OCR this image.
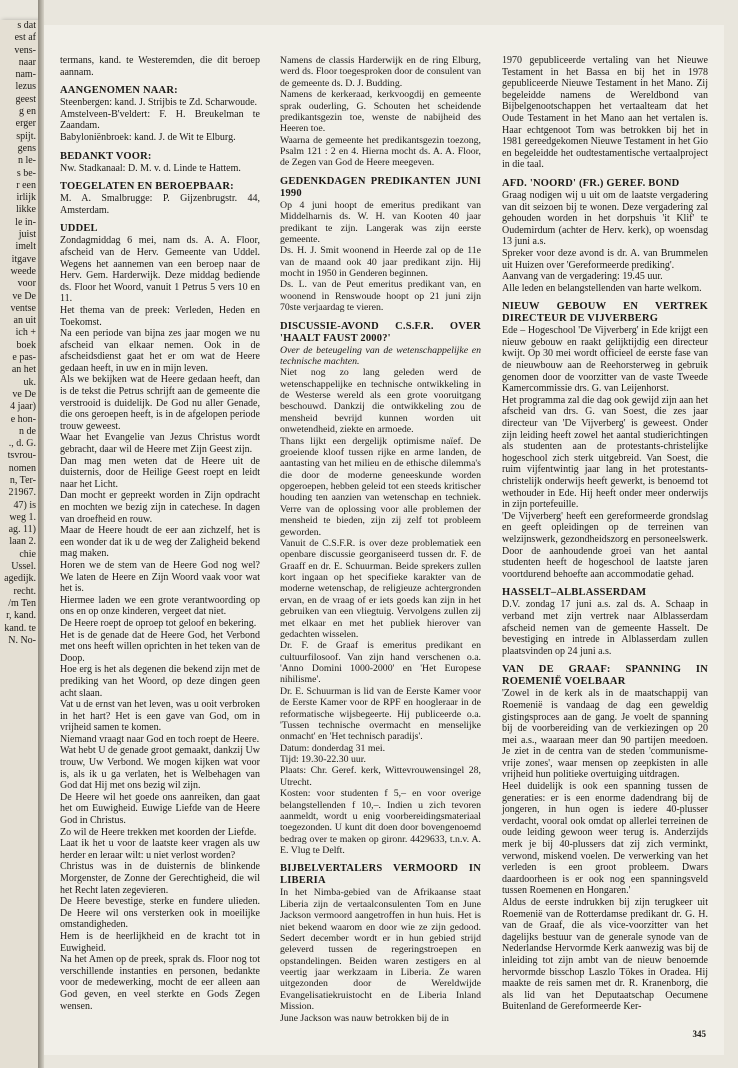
s dat
est af
vens-
naar
nam-
lezus
geest
g en
erger
spijt.
gens
n le-
s be-
r een
irlijk
likke
le in-
juist
imelt
itgave
weede
voor
ve De
ventse
an uit
ich +
boek
e pas-
an het
uk.
ve De
4 jaar)
e hon-
n de
., d. G.
tsvrou-
nomen
n, Ter-
21967.
47) is
weg 1.
ag. 11)
laan 2.
chie
Ussel.
agedijk.
recht.
/m Ten
r, kand.
kand. te
N. No-

termans, kand. te Westeremden, die dit beroep aannam.

AANGENOMEN NAAR:

Steenbergen: kand. J. Strijbis te Zd. Scharwoude.

Amstelveen-B'veldert: F. H. Breukelman te Zaandam.

Babyloniënbroek: kand. J. de Wit te Elburg.

BEDANKT VOOR:

Nw. Stadkanaal: D. M. v. d. Linde te Hattem.

TOEGELATEN EN BEROEPBAAR:

M. A. Smalbrugge: P. Gijzenbrugstr. 44, Amsterdam.

UDDEL

Zondagmiddag 6 mei, nam ds. A. A. Floor, afscheid van de Herv. Gemeente van Uddel. Wegens het aannemen van een beroep naar de Herv. Gem. Harderwijk. Deze middag bediende ds. Floor het Woord, vanuit 1 Petrus 5 vers 10 en 11.

Het thema van de preek: Verleden, Heden en Toekomst.

Na een periode van bijna zes jaar mogen we nu afscheid van elkaar nemen. Ook in de afscheidsdienst gaat het er om wat de Heere gedaan heeft, in uw en in mijn leven.

Als we bekijken wat de Heere gedaan heeft, dan is de tekst die Petrus schrijft aan de gemeente die verstrooid is duidelijk. De God nu aller Genade, die ons geroepen heeft, is in de afgelopen periode trouw geweest.

Waar het Evangelie van Jezus Christus wordt gebracht, daar wil de Heere met Zijn Geest zijn.

Dan mag men weten dat de Heere uit de duisternis, door de Heilige Geest roept en leidt naar het Licht.

Dan mocht er gepreekt worden in Zijn opdracht en mochten we bezig zijn in catechese. In dagen van droefheid en rouw.

Maar de Heere houdt de eer aan zichzelf, het is een wonder dat ik u de weg der Zaligheid bekend mag maken.

Horen we de stem van de Heere God nog wel? We laten de Heere en Zijn Woord vaak voor wat het is.

Hiermee laden we een grote verantwoording op ons en op onze kinderen, vergeet dat niet.

De Heere roept de oproep tot geloof en bekering.

Het is de genade dat de Heere God, het Verbond met ons heeft willen oprichten in het teken van de Doop.

Hoe erg is het als degenen die bekend zijn met de prediking van het Woord, op deze dingen geen acht slaan.

Vat u de ernst van het leven, was u ooit verbroken in het hart? Het is een gave van God, om in vrijheid samen te komen.

Niemand vraagt naar God en toch roept de Heere.

Wat hebt U de genade groot gemaakt, dankzij Uw trouw, Uw Verbond. We mogen kijken wat voor is, als ik u ga verlaten, het is Welbehagen van God dat Hij met ons bezig wil zijn.

De Heere wil het goede ons aanreiken, dan gaat het om Euwigheid. Euwige Liefde van de Heere God in Christus.

Zo wil de Heere trekken met koorden der Liefde.

Laat ik het u voor de laatste keer vragen als uw herder en leraar wilt: u niet verlost worden?

Christus was in de duisternis de blinkende Morgenster, de Zonne der Gerechtigheid, die wil het Recht laten zegevieren.

De Heere bevestige, sterke en fundere ulieden. De Heere wil ons versterken ook in moeilijke omstandigheden.

Hem is de heerlijkheid en de kracht tot in Euwigheid.

Na het Amen op de preek, sprak ds. Floor nog tot verschillende instanties en personen, bedankte voor de medewerking, mocht de eer alleen aan God geven, en veel sterkte en Gods Zegen wensen.

Namens de classis Harderwijk en de ring Elburg, werd ds. Floor toegesproken door de consulent van de gemeente ds. D. J. Budding.

Namens de kerkeraad, kerkvoogdij en gemeente sprak ouderling, G. Schouten het scheidende predikantsgezin toe, wenste de nabijheid des Heeren toe.

Waarna de gemeente het predikantsgezin toezong, Psalm 121 : 2 en 4. Hierna mocht ds. A. A. Floor, de Zegen van God de Heere meegeven.

GEDENKDAGEN PREDIKANTEN JUNI 1990

Op 4 juni hoopt de emeritus predikant van Middelharnis ds. W. H. van Kooten 40 jaar predikant te zijn. Langerak was zijn eerste gemeente.

Ds. H. J. Smit woonend in Heerde zal op de 11e van de maand ook 40 jaar predikant zijn. Hij mocht in 1950 in Genderen beginnen.

Ds. L. van de Peut emeritus predikant van, en woonend in Renswoude hoopt op 21 juni zijn 70ste verjaardag te vieren.

DISCUSSIE-AVOND C.S.F.R. OVER 'HAALT FAUST 2000?'

Over de beteugeling van de wetenschappelijke en technische machten.

Niet nog zo lang geleden werd de wetenschappelijke en technische ontwikkeling in de Westerse wereld als een grote vooruitgang beschouwd. Dankzij die ontwikkeling zou de mensheid bevrijd kunnen worden uit onwetendheid, ziekte en armoede.

Thans lijkt een dergelijk optimisme naïef. De groeiende kloof tussen rijke en arme landen, de aantasting van het milieu en de ethische dilemma's die door de moderne geneeskunde worden opgeroepen, hebben geleid tot een steeds kritischer houding ten aanzien van wetenschap en techniek. Verre van de oplossing voor alle problemen der mensheid te bieden, zijn zij zelf tot probleem geworden.

Vanuit de C.S.F.R. is over deze problematiek een openbare discussie georganiseerd tussen dr. F. de Graaff en dr. E. Schuurman. Beide sprekers zullen kort ingaan op het specifieke karakter van de moderne wetenschap, de religieuze achtergronden ervan, en de vraag of er iets goeds kan zijn in het gebruiken van een vliegtuig. Vervolgens zullen zij met elkaar en met het publiek hierover van gedachten wisselen.

Dr. F. de Graaf is emeritus predikant en cultuurfilosoof. Van zijn hand verschenen o.a. 'Anno Domini 1000-2000' en 'Het Europese nihilisme'.

Dr. E. Schuurman is lid van de Eerste Kamer voor de Eerste Kamer voor de RPF en hoogleraar in de reformatische wijsbegeerte. Hij publiceerde o.a. 'Tussen technische overmacht en menselijke onmacht' en 'Het technisch paradijs'.

Datum: donderdag 31 mei.

Tijd: 19.30-22.30 uur.

Plaats: Chr. Geref. kerk, Wittevrouwensingel 28, Utrecht.

Kosten: voor studenten f 5,– en voor overige belangstellenden f 10,–. Indien u zich tevoren aanmeldt, wordt u enig voorbereidingsmateriaal toegezonden. U kunt dit doen door bovengenoemd bedrag over te maken op gironr. 4429633, t.n.v. A. E. Vlug te Delft.

BIJBELVERTALERS VERMOORD IN LIBERIA

In het Nimba-gebied van de Afrikaanse staat Liberia zijn de vertaalconsulenten Tom en June Jackson vermoord aangetroffen in hun huis. Het is niet bekend waarom en door wie ze zijn gedood. Sedert december wordt er in hun gebied strijd geleverd tussen de regeringstroepen en opstandelingen. Beiden waren zestigers en al veertig jaar werkzaam in Liberia. Ze waren uitgezonden door de Wereldwijde Evangelisatiekruistocht en de Liberia Inland Mission.

June Jackson was nauw betrokken bij de in

1970 gepubliceerde vertaling van het Nieuwe Testament in het Bassa en bij het in 1978 gepubliceerde Nieuwe Testament in het Mano. Zij begeleidde namens de Wereldbond van Bijbelgenootschappen het vertaalteam dat het Oude Testament in het Mano aan het vertalen is. Haar echtgenoot Tom was betrokken bij het in 1981 gereedgekomen Nieuwe Testament in het Gio en begeleidde het oudtestamentische vertaalproject in die taal.

AFD. 'NOORD' (FR.) GEREF. BOND

Graag nodigen wij u uit om de laatste vergadering van dit seizoen bij te wonen. Deze vergadering zal gehouden worden in het dorpshuis 'it Klif' te Oudemirdum (achter de Herv. kerk), op woensdag 13 juni a.s.

Spreker voor deze avond is dr. A. van Brummelen uit Huizen over 'Gereformeerde prediking'.

Aanvang van de vergadering: 19.45 uur.

Alle leden en belangstellenden van harte welkom.

NIEUW GEBOUW EN VERTREK DIRECTEUR DE VIJVERBERG

Ede – Hogeschool 'De Vijverberg' in Ede krijgt een nieuw gebouw en raakt gelijktijdig een directeur kwijt. Op 30 mei wordt officieel de eerste fase van de nieuwbouw aan de Reehorsterweg in gebruik genomen door de voorzitter van de vaste Tweede Kamercommissie drs. G. van Leijenhorst.

Het programma zal die dag ook gewijd zijn aan het afscheid van drs. G. van Soest, die zes jaar directeur van 'De Vijverberg' is geweest. Onder zijn leiding heeft zowel het aantal studierichtingen als studenten aan de protestants-christelijke hogeschool zich sterk uitgebreid. Van Soest, die ruim vijfentwintig jaar lang in het protestants-christelijk onderwijs heeft gewerkt, is benoemd tot wethouder in Ede. Hij heeft onder meer onderwijs in zijn portefeuille.

'De Vijverberg' heeft een gereformeerde grondslag en geeft opleidingen op de terreinen van welzijnswerk, gezondheidszorg en personeelswerk. Door de aanhoudende groei van het aantal studenten heeft de hogeschool de laatste jaren voortdurend behoefte aan accommodatie gehad.

HASSELT–ALBLASSERDAM

D.V. zondag 17 juni a.s. zal ds. A. Schaap in verband met zijn vertrek naar Alblasserdam afscheid nemen van de gemeente Hasselt. De bevestiging en intrede in Alblasserdam zullen plaatsvinden op 24 juni a.s.

VAN DE GRAAF: SPANNING IN ROEMENIË VOELBAAR

'Zowel in de kerk als in de maatschappij van Roemenië is vandaag de dag een geweldig gistingsproces aan de gang. Je voelt de spanning bij de voorbereiding van de verkiezingen op 20 mei a.s., waaraan meer dan 90 partijen meedoen. Je ziet in de centra van de steden 'communisme-vrije zones', waar mensen op zeepkisten in alle vrijheid hun politieke overtuiging uitdragen.

Heel duidelijk is ook een spanning tussen de generaties: er is een enorme dadendrang bij de jongeren, in hun ogen is iedere 40-plusser verdacht, vooral ook omdat op allerlei terreinen de oude leiding gewoon weer terug is. Anderzijds merk je bij 40-plussers dat zij zich verminkt, verwond, miskend voelen. De verwerking van het verleden is een groot probleem. Dwars daardoorheen is er ook nog een spanningsveld tussen Roemenen en Hongaren.'

Aldus de eerste indrukken bij zijn terugkeer uit Roemenië van de Rotterdamse predikant dr. G. H. van de Graaf, die als vice-voorzitter van het dagelijks bestuur van de generale synode van de Nederlandse Hervormde Kerk aanwezig was bij de inleiding tot zijn ambt van de nieuw benoemde hervormde bisschop Laszlo Tökes in Oradea. Hij maakte de reis samen met dr. R. Kranenborg, die als lid van het Deputaatschap Oecumene Buitenland de Gereformeerde Ker-

345
